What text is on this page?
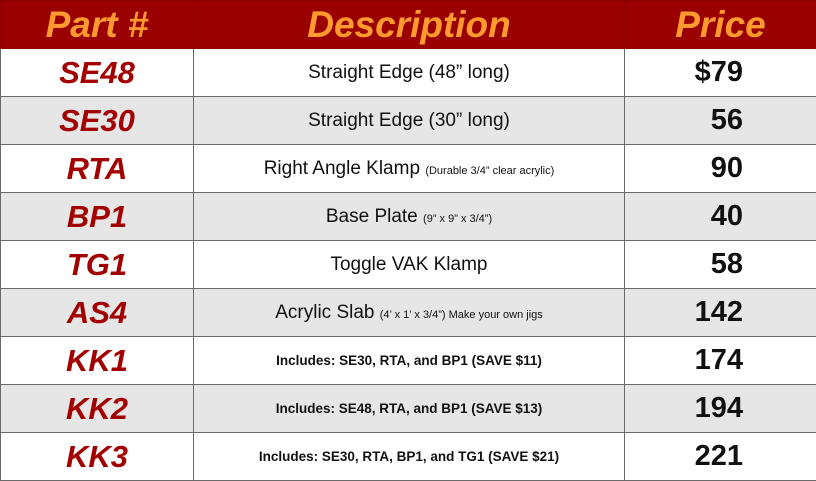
Part #	Description	Price
SE48	Straight Edge (48” long)	$79
SE30	Straight Edge (30” long)	56
RTA	Right Angle Klamp (Durable 3/4” clear acrylic)	90
BP1	Base Plate (9” x 9” x 3/4”)	40
TG1	Toggle VAK Klamp	58
AS4	Acrylic Slab (4’ x 1’ x 3/4”) Make your own jigs	142
KK1	Includes: SE30, RTA, and BP1 (SAVE $11)	174
KK2	Includes: SE48, RTA, and BP1 (SAVE $13)	194
KK3	Includes: SE30, RTA, BP1, and TG1 (SAVE $21)	221
